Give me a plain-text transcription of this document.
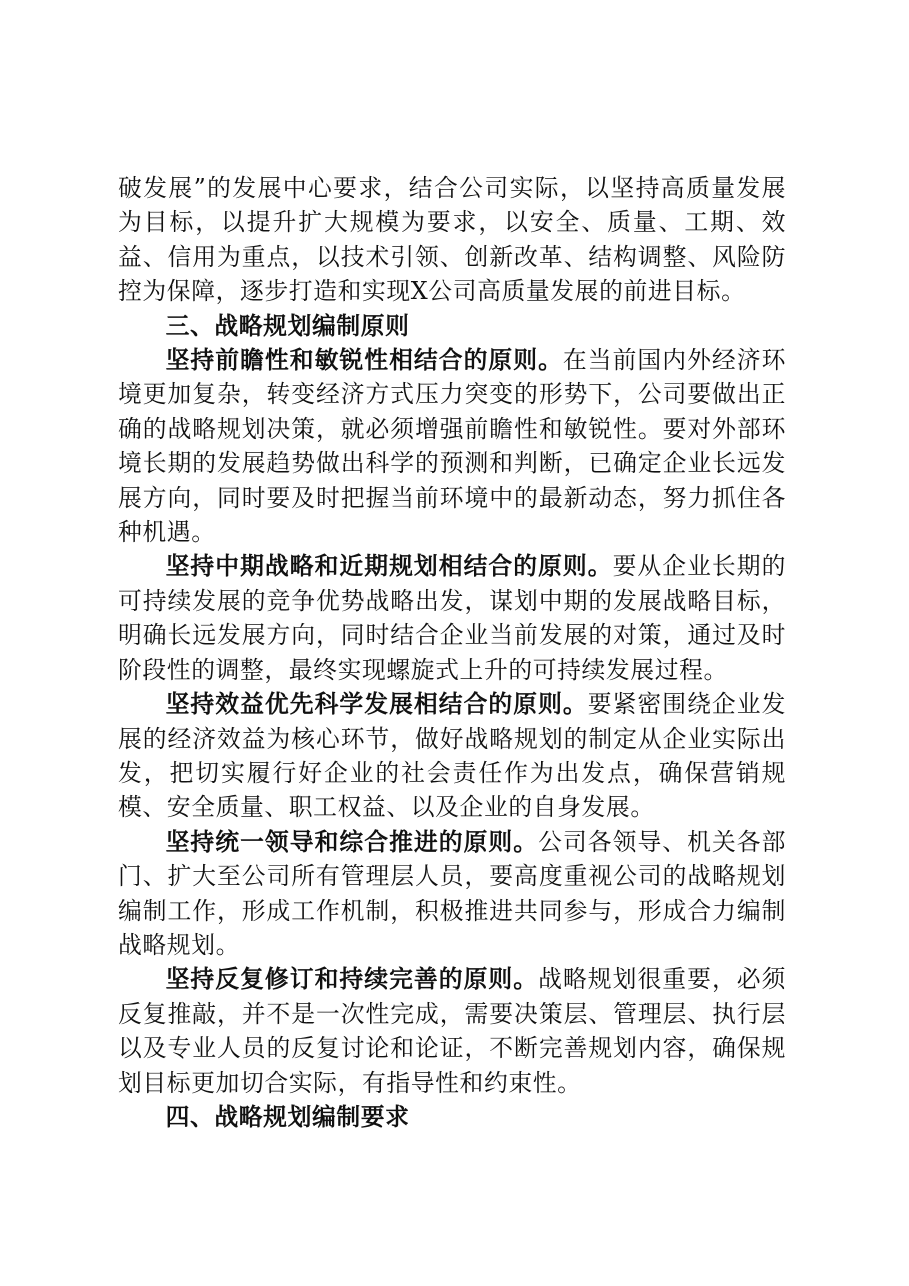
破发展”的发展中心要求，结合公司实际，以坚持高质量发展为目标，以提升扩大规模为要求，以安全、质量、工期、效益、信用为重点，以技术引领、创新改革、结构调整、风险防控为保障，逐步打造和实现X公司高质量发展的前进目标。

三、战略规划编制原则

坚持前瞻性和敏锐性相结合的原则。在当前国内外经济环境更加复杂，转变经济方式压力突变的形势下，公司要做出正确的战略规划决策，就必须增强前瞻性和敏锐性。要对外部环境长期的发展趋势做出科学的预测和判断，已确定企业长远发展方向，同时要及时把握当前环境中的最新动态，努力抓住各种机遇。

坚持中期战略和近期规划相结合的原则。要从企业长期的可持续发展的竞争优势战略出发，谋划中期的发展战略目标，明确长远发展方向，同时结合企业当前发展的对策，通过及时阶段性的调整，最终实现螺旋式上升的可持续发展过程。

坚持效益优先科学发展相结合的原则。要紧密围绕企业发展的经济效益为核心环节，做好战略规划的制定从企业实际出发，把切实履行好企业的社会责任作为出发点，确保营销规模、安全质量、职工权益、以及企业的自身发展。

坚持统一领导和综合推进的原则。公司各领导、机关各部门、扩大至公司所有管理层人员，要高度重视公司的战略规划编制工作，形成工作机制，积极推进共同参与，形成合力编制战略规划。

坚持反复修订和持续完善的原则。战略规划很重要，必须反复推敲，并不是一次性完成，需要决策层、管理层、执行层以及专业人员的反复讨论和论证，不断完善规划内容，确保规划目标更加切合实际，有指导性和约束性。

四、战略规划编制要求
